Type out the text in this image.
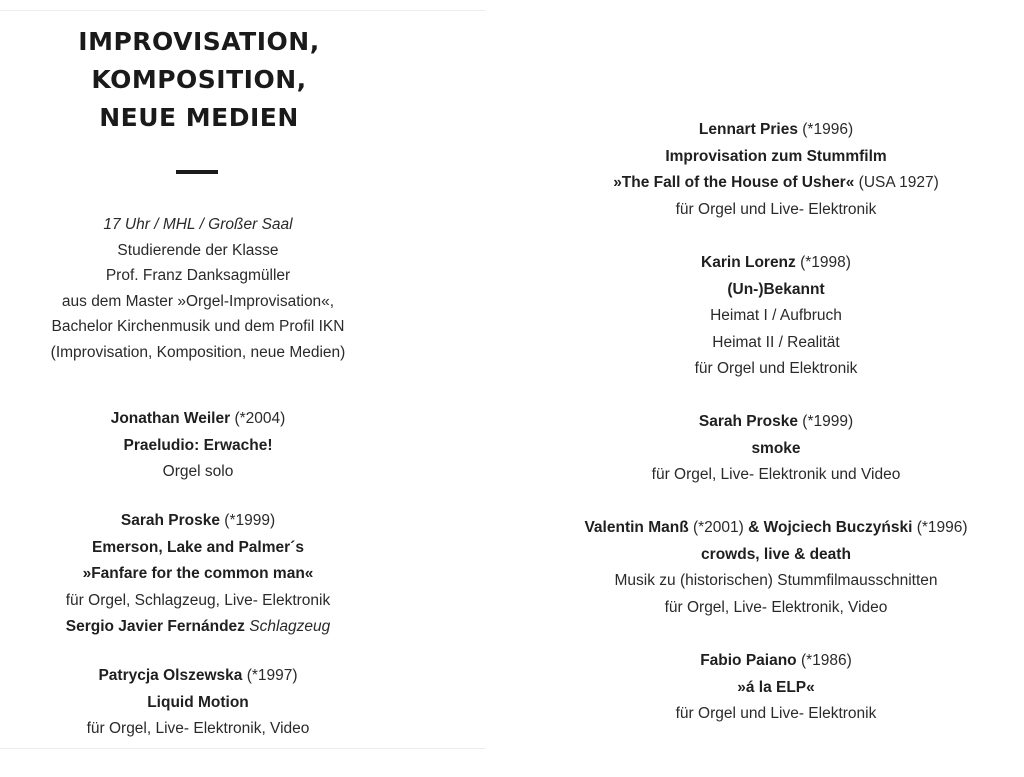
IMPROVISATION,
KOMPOSITION,
NEUE MEDIEN
17 Uhr / MHL / Großer Saal
Studierende der Klasse
Prof. Franz Danksagmüller
aus dem Master »Orgel-Improvisation«,
Bachelor Kirchenmusik und dem Profil IKN
(Improvisation, Komposition, neue Medien)
Jonathan Weiler (*2004)
Praeludio: Erwache!
Orgel solo
Sarah Proske (*1999)
Emerson, Lake and Palmer´s
»Fanfare for the common man«
für Orgel, Schlagzeug, Live- Elektronik
Sergio Javier Fernández Schlagzeug
Patrycja Olszewska (*1997)
Liquid Motion
für Orgel, Live- Elektronik, Video
Lennart Pries (*1996)
Improvisation zum Stummfilm
»The Fall of the House of Usher« (USA 1927)
für Orgel und Live- Elektronik
Karin Lorenz (*1998)
(Un-)Bekannt
Heimat I / Aufbruch
Heimat II / Realität
für Orgel und Elektronik
Sarah Proske (*1999)
smoke
für Orgel, Live- Elektronik und Video
Valentin Manß (*2001) & Wojciech Buczyński (*1996)
crowds, live & death
Musik zu (historischen) Stummfilmausschnitten
für Orgel, Live- Elektronik, Video
Fabio Paiano (*1986)
»á la ELP«
für Orgel und Live- Elektronik
